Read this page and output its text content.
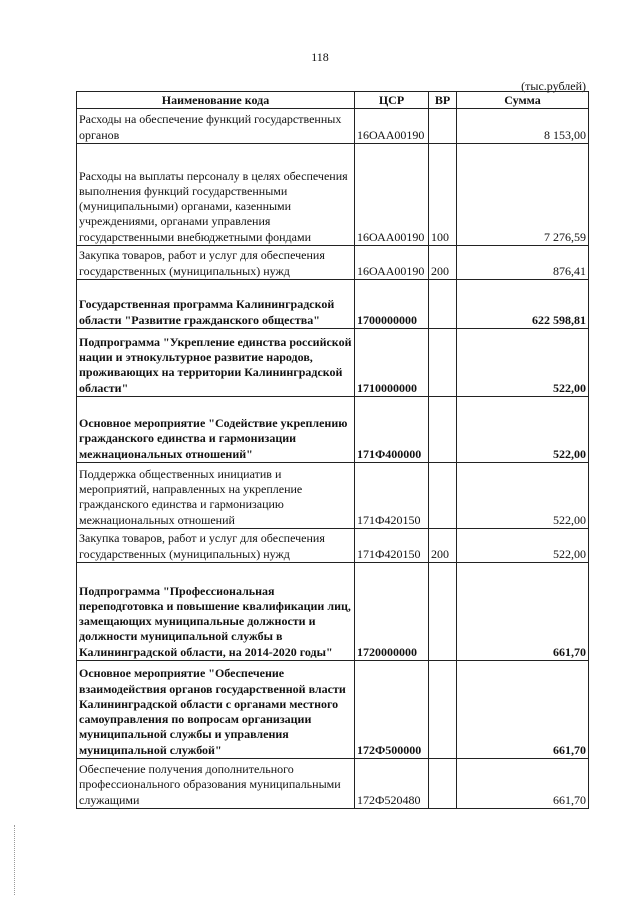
118
(тыс.рублей)
Наименование кода	ЦСР	ВР	Сумма
Расходы на обеспечение функций государственных органов	16ОАА00190		8 153,00
Расходы на выплаты персоналу в целях обеспечения выполнения функций государственными (муниципальными) органами, казенными учреждениями, органами управления государственными внебюджетными фондами	16ОАА00190	100	7 276,59
Закупка товаров, работ и услуг для обеспечения государственных (муниципальных) нужд	16ОАА00190	200	876,41
Государственная программа Калининградской области "Развитие гражданского общества"	1700000000		622 598,81
Подпрограмма "Укрепление единства российской нации и этнокультурное развитие народов, проживающих на территории Калининградской области"	1710000000		522,00
Основное мероприятие "Содействие укреплению гражданского единства и гармонизации межнациональных отношений"	171Ф400000		522,00
Поддержка общественных инициатив и мероприятий, направленных на укрепление гражданского единства и гармонизацию межнациональных отношений	171Ф420150		522,00
Закупка товаров, работ и услуг для обеспечения государственных (муниципальных) нужд	171Ф420150	200	522,00
Подпрограмма "Профессиональная переподготовка и повышение квалификации лиц, замещающих муниципальные должности и должности муниципальной службы в Калининградской области, на 2014-2020 годы"	1720000000		661,70
Основное мероприятие "Обеспечение взаимодействия органов государственной власти Калининградской области с органами местного самоуправления по вопросам организации муниципальной службы и управления муниципальной службой"	172Ф500000		661,70
Обеспечение получения дополнительного профессионального образования муниципальными служащими	172Ф520480		661,70
